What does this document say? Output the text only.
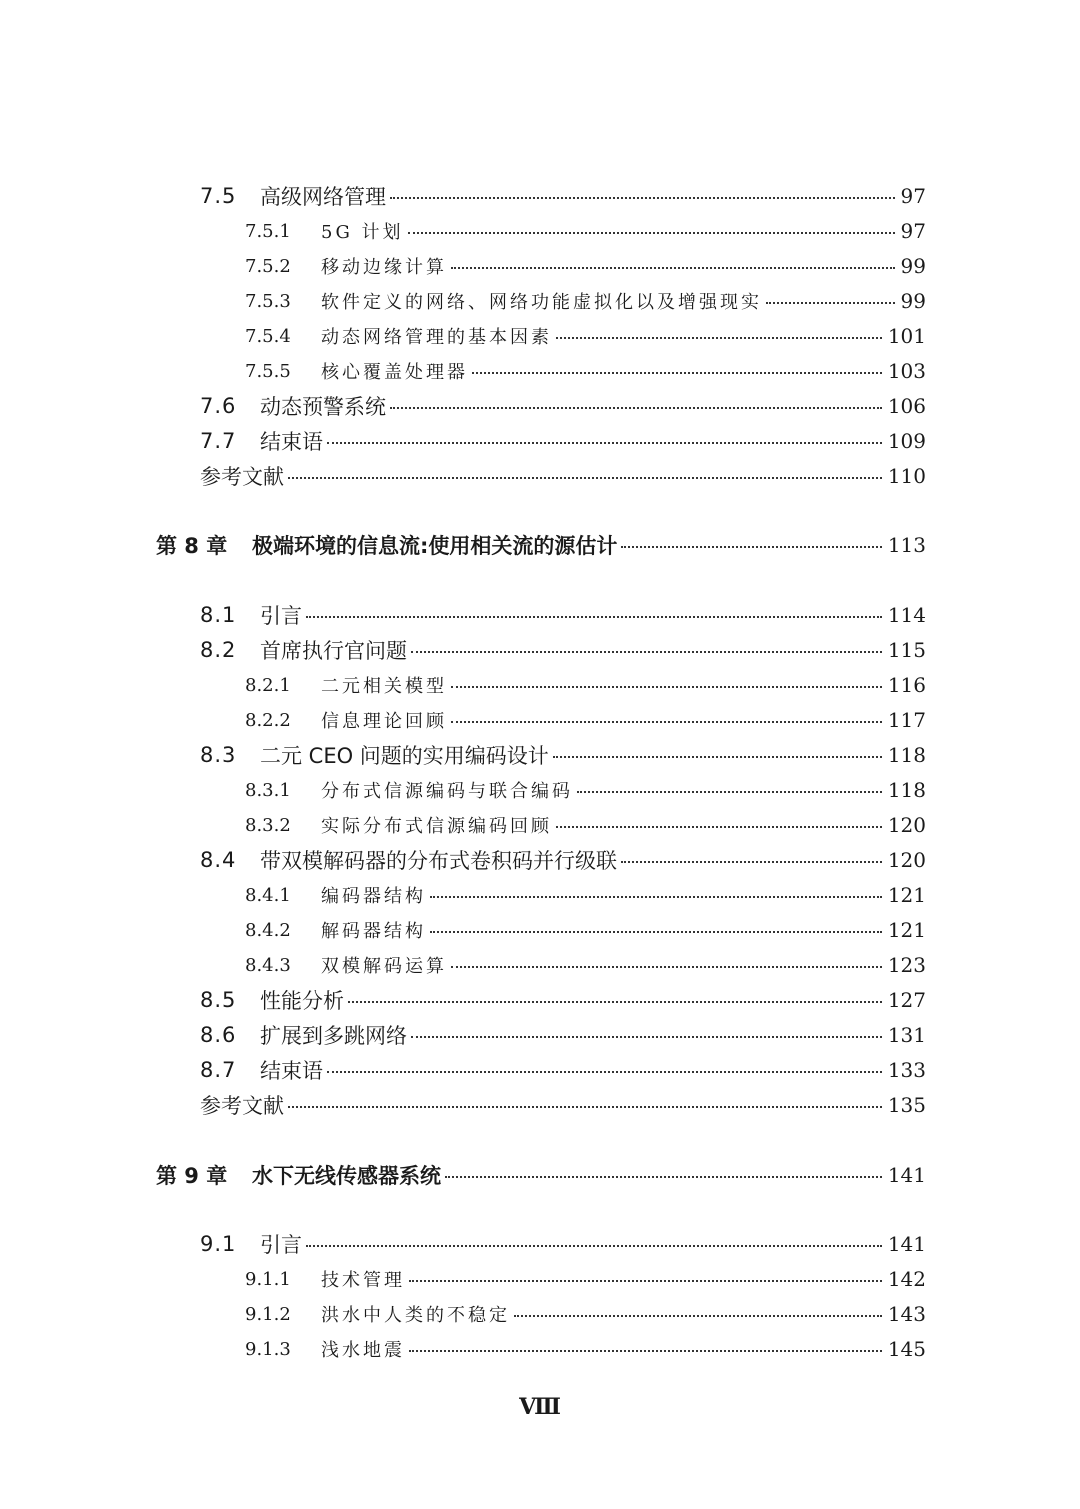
7.5	高级网络管理	97
7.5.1	5G 计划	97
7.5.2	移动边缘计算	99
7.5.3	软件定义的网络、网络功能虚拟化以及增强现实	99
7.5.4	动态网络管理的基本因素	101
7.5.5	核心覆盖处理器	103
7.6	动态预警系统	106
7.7	结束语	109
参考文献	110
第 8 章	极端环境的信息流:使用相关流的源估计	113
8.1	引言	114
8.2	首席执行官问题	115
8.2.1	二元相关模型	116
8.2.2	信息理论回顾	117
8.3	二元 CEO 问题的实用编码设计	118
8.3.1	分布式信源编码与联合编码	118
8.3.2	实际分布式信源编码回顾	120
8.4	带双模解码器的分布式卷积码并行级联	120
8.4.1	编码器结构	121
8.4.2	解码器结构	121
8.4.3	双模解码运算	123
8.5	性能分析	127
8.6	扩展到多跳网络	131
8.7	结束语	133
参考文献	135
第 9 章	水下无线传感器系统	141
9.1	引言	141
9.1.1	技术管理	142
9.1.2	洪水中人类的不稳定	143
9.1.3	浅水地震	145
Ⅷ
